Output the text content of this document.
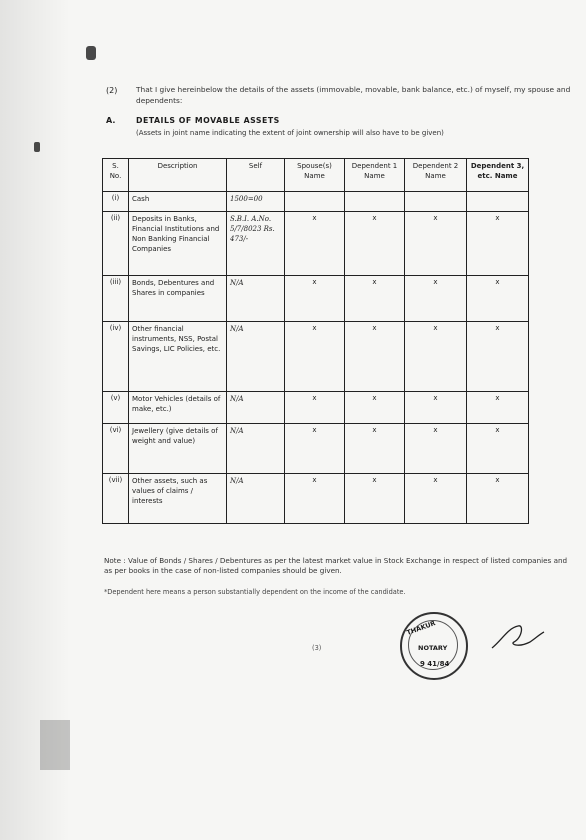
(2)	That I give hereinbelow the details of the assets (immovable, movable, bank balance, etc.) of myself, my spouse and dependents:
A.	DETAILS OF MOVABLE ASSETS
(Assets in joint name indicating the extent of joint ownership will also have to be given)
S. No.	Description	Self	Spouse(s) Name	Dependent 1 Name	Dependent 2 Name	Dependent 3, etc. Name
(i)	Cash	1500=00				
(ii)	Deposits in Banks, Financial Institutions and Non Banking Financial Companies	S.B.I. A.No. 5/7/8023 Rs. 473/-	x	x	x	x
(iii)	Bonds, Debentures and Shares in companies	N/A	x	x	x	x
(iv)	Other financial instruments, NSS, Postal Savings, LIC Policies, etc.	N/A	x	x	x	x
(v)	Motor Vehicles (details of make, etc.)	N/A	x	x	x	x
(vi)	Jewellery (give details of weight and value)	N/A	x	x	x	x
(vii)	Other assets, such as values of claims / interests	N/A	x	x	x	x
Note : Value of Bonds / Shares / Debentures as per the latest market value in Stock Exchange in respect of listed companies and as per books in the case of non-listed companies should be given.
*Dependent here means a person substantially dependent on the income of the candidate.
(3)
THAKUR
NOTARY
9 41/84
